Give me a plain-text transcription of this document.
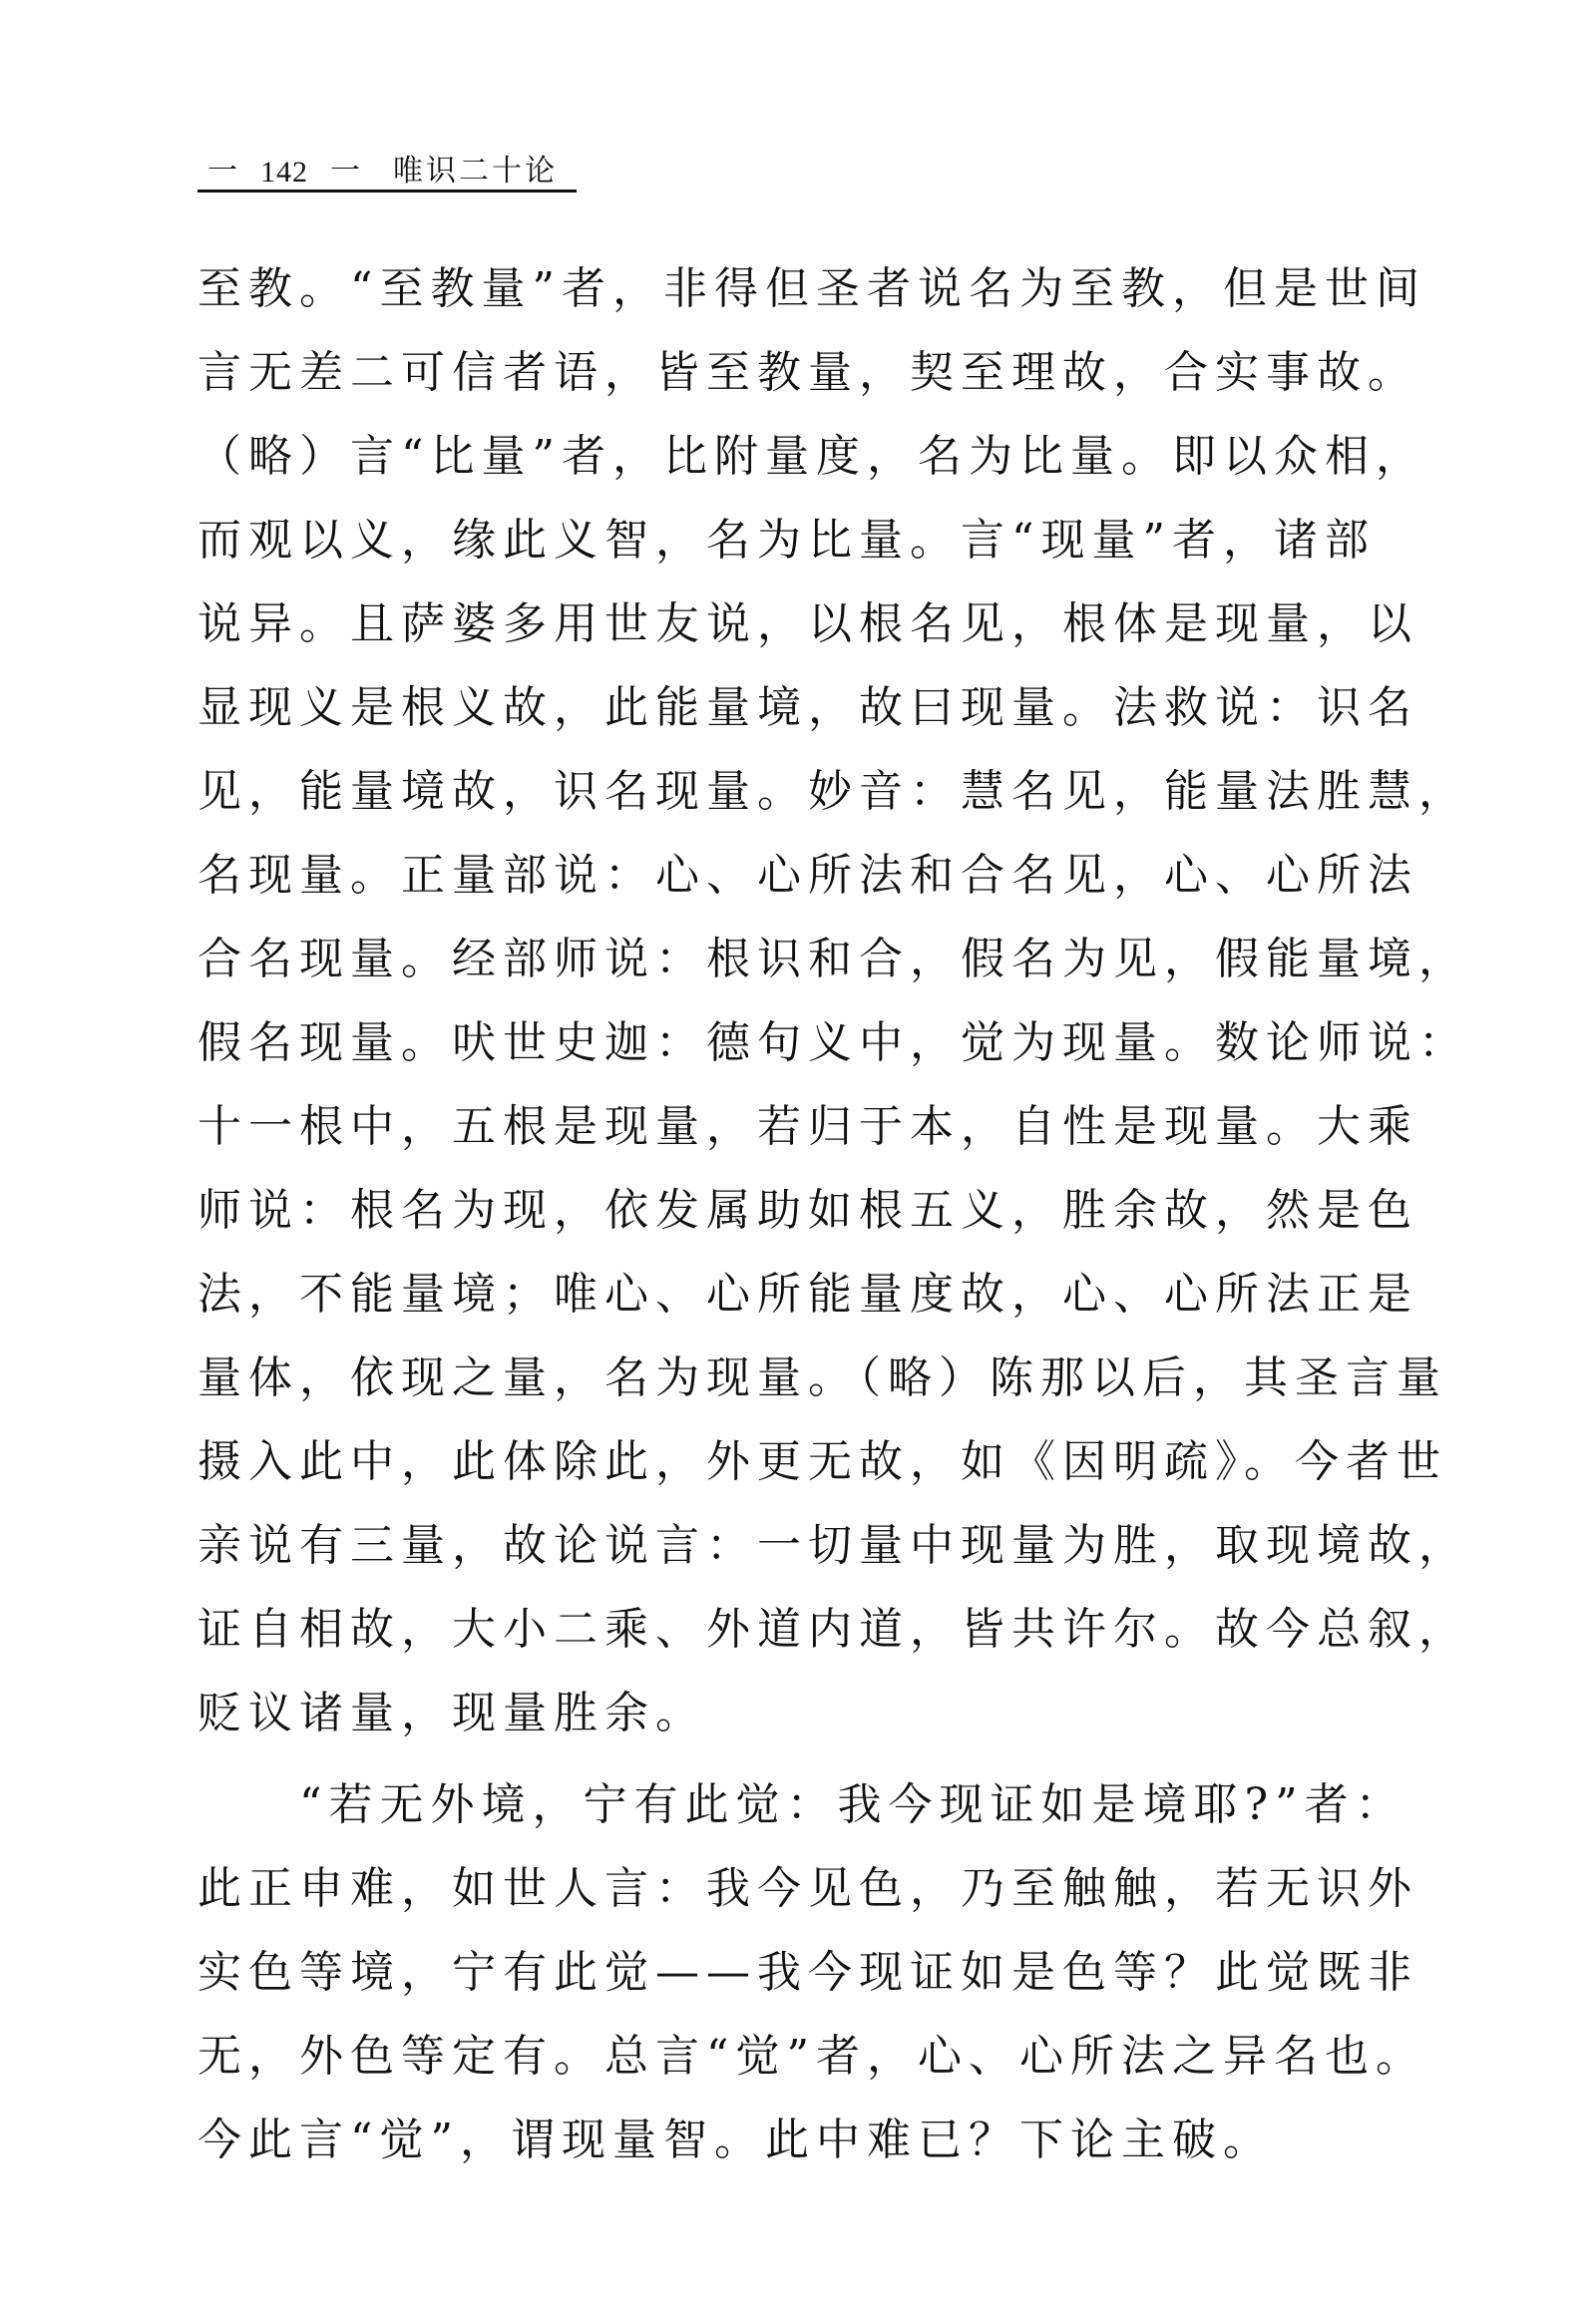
一 142 一 唯识二十论
至教。“至教量”者，非得但圣者说名为至教，但是世间
言无差二可信者语，皆至教量，契至理故，合实事故。
（略）言“比量”者，比附量度，名为比量。即以众相，
而观以义，缘此义智，名为比量。言“现量”者，诸部
说异。且萨婆多用世友说，以根名见，根体是现量，以
显现义是根义故，此能量境，故曰现量。法救说：识名
见，能量境故，识名现量。妙音：慧名见，能量法胜慧，
名现量。正量部说：心、心所法和合名见，心、心所法
合名现量。经部师说：根识和合，假名为见，假能量境，
假名现量。吠世史迦：德句义中，觉为现量。数论师说：
十一根中，五根是现量，若归于本，自性是现量。大乘
师说：根名为现，依发属助如根五义，胜余故，然是色
法，不能量境；唯心、心所能量度故，心、心所法正是
量体，依现之量，名为现量。（略）陈那以后，其圣言量
摄入此中，此体除此，外更无故，如《因明疏》。今者世
亲说有三量，故论说言：一切量中现量为胜，取现境故，
证自相故，大小二乘、外道内道，皆共许尔。故今总叙，
贬议诸量，现量胜余。
　　“若无外境，宁有此觉：我今现证如是境耶?”者：
此正申难，如世人言：我今见色，乃至触触，若无识外
实色等境，宁有此觉——我今现证如是色等？此觉既非
无，外色等定有。总言“觉”者，心、心所法之异名也。
今此言“觉”，谓现量智。此中难已？下论主破。
